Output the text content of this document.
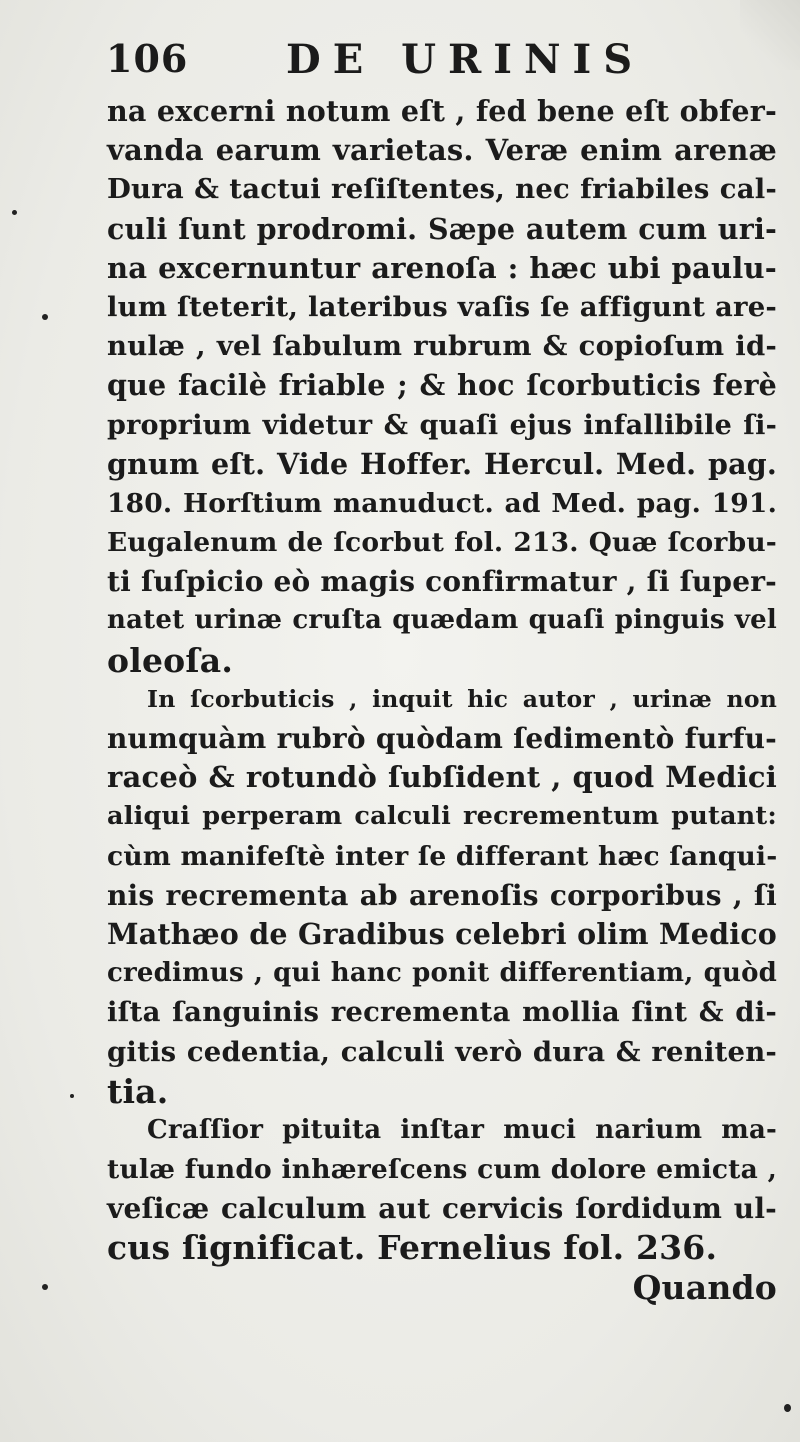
106 DE URINIS
na excerni notum eſt , fed bene eſt obfer-
vanda earum varietas. Veræ enim arenæ
Dura & tactui reſiſtentes, nec friabiles cal-
culi ſunt prodromi. Sæpe autem cum uri-
na excernuntur arenoſa : hæc ubi paulu-
lum ſteterit, lateribus vaſis ſe affigunt are-
nulæ , vel ſabulum rubrum & copioſum id-
que facilè friable ; & hoc ſcorbuticis ferè
proprium videtur & quaſi ejus infallibile ſi-
gnum eſt. Vide Hoffer. Hercul. Med. pag.
180. Horſtium manuduct. ad Med. pag. 191.
Eugalenum de ſcorbut fol. 213. Quæ ſcorbu-
ti ſuſpicio eò magis confirmatur , ſi ſuper-
natet urinæ cruſta quædam quaſi pinguis vel
oleoſa.
In ſcorbuticis , inquit hic autor , urinæ non
numquàm rubrò quòdam ſedimentò furfu-
raceò & rotundò ſubſident , quod Medici
aliqui perperam calculi recrementum putant:
cùm manifeſtè inter ſe differant hæc ſanqui-
nis recrementa ab arenoſis corporibus , ſi
Mathæo de Gradibus celebri olim Medico
credimus , qui hanc ponit differentiam, quòd
iſta ſanguinis recrementa mollia ſint & di-
gitis cedentia, calculi verò dura & reniten-
tia.
Craſſior pituita inſtar muci narium ma-
tulæ fundo inhæreſcens cum dolore emicta ,
veſicæ calculum aut cervicis ſordidum ul-
cus ſignificat. Fernelius fol. 236.
Quando
